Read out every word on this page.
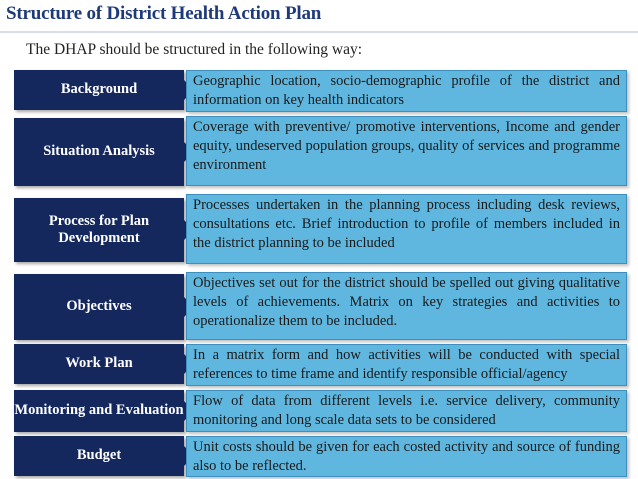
Structure of District Health Action Plan
The DHAP should be structured in the following way:
Background
Geographic location, socio-demographic profile of the district and information on key health indicators
Situation Analysis
Coverage with preventive/ promotive interventions, Income and gender equity, undeserved population groups, quality of services and programme environment
Process for Plan Development
Processes undertaken in the planning process including desk reviews, consultations etc. Brief introduction to profile of members included in the district planning to be included
Objectives
Objectives set out for the district should be spelled out giving qualitative levels of achievements. Matrix on key strategies and activities to operationalize them to be included.
Work Plan
In a matrix form and how activities will be conducted with special references to time frame and identify responsible official/agency
Monitoring and Evaluation
Flow of data from different levels i.e. service delivery, community monitoring and long scale data sets to be considered
Budget
Unit costs should be given for each costed activity and source of funding also to be reflected.
